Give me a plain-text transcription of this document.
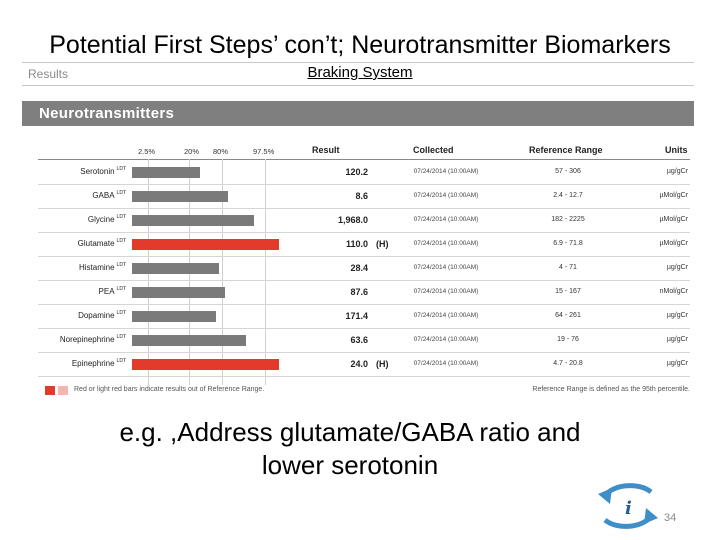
Potential First Steps’ con’t; Neurotransmitter Biomarkers
Results	Braking System
Neurotransmitters
2.5%	20% 80%	97.5%	Result	Collected	Reference Range	Units
Serotonin $^{LDT}$	120.2	07/24/2014 (10:00AM)	57 - 306	µg/gCr
GABA $^{LDT}$	8.6	07/24/2014 (10:00AM)	2.4 - 12.7	µMol/gCr
Glycine $^{LDT}$	1,968.0	07/24/2014 (10:00AM)	182 - 2225	µMol/gCr
Glutamate $^{LDT}$	110.0 (H)	07/24/2014 (10:00AM)	6.9 - 71.8	µMol/gCr
Histamine $^{LDT}$	28.4	07/24/2014 (10:00AM)	4 - 71	µg/gCr
PEA $^{LDT}$	87.6	07/24/2014 (10:00AM)	15 - 167	nMol/gCr
Dopamine $^{LDT}$	171.4	07/24/2014 (10:00AM)	64 - 261	µg/gCr
Norepinephrine $^{LDT}$	63.6	07/24/2014 (10:00AM)	19 - 76	µg/gCr
Epinephrine $^{LDT}$	24.0 (H)	07/24/2014 (10:00AM)	4.7 - 20.8	µg/gCr
Red or light red bars indicate results out of Reference Range.	Reference Range is defined as the 95th percentile.
e.g. ,Address glutamate/GABA ratio and
lower serotonin
i	34
